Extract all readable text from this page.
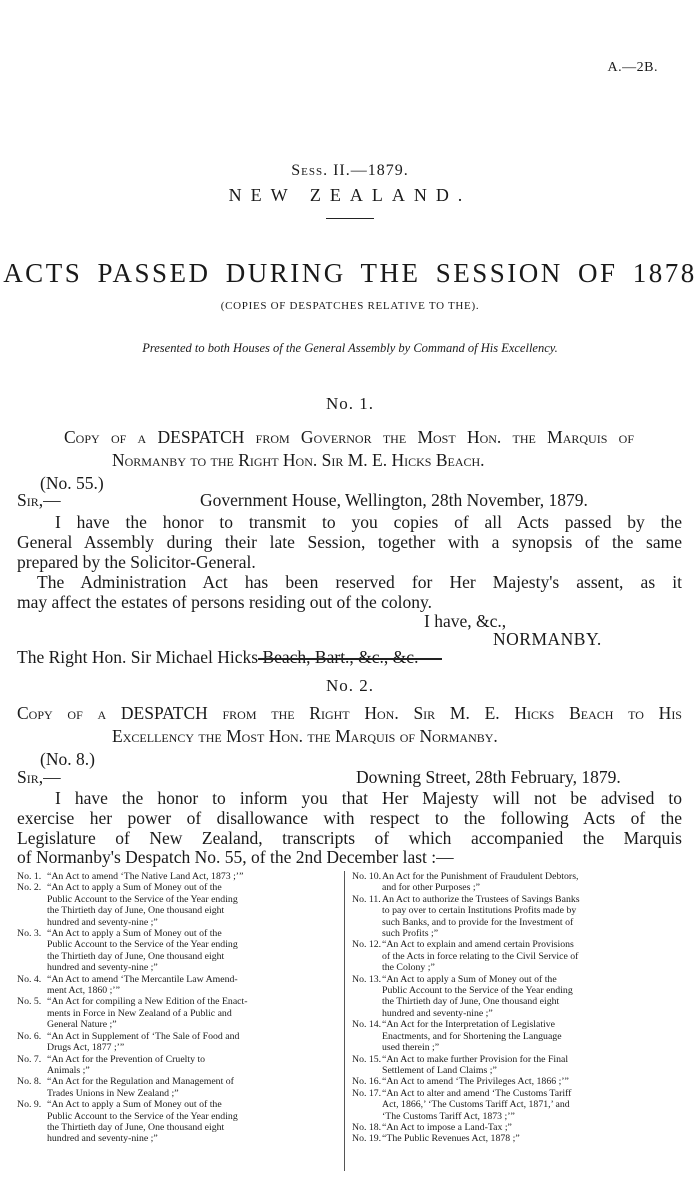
A.—2B.
Sess. II.—1879.
NEW ZEALAND.
ACTS PASSED DURING THE SESSION OF 1878
(COPIES OF DESPATCHES RELATIVE TO THE).
Presented to both Houses of the General Assembly by Command of His Excellency.
No. 1.
Copy of a DESPATCH from Governor the Most Hon. the Marquis of
Normanby to the Right Hon. Sir M. E. Hicks Beach.
(No. 55.)
Sir,—	Government House, Wellington, 28th November, 1879.
I have the honor to transmit to you copies of all Acts passed by the
General Assembly during their late Session, together with a synopsis of the same
prepared by the Solicitor-General.
The Administration Act has been reserved for Her Majesty's assent, as it
may affect the estates of persons residing out of the colony.
I have, &c.,
NORMANBY.
The Right Hon. Sir Michael Hicks Beach, Bart., &c., &c.
No. 2.
Copy of a DESPATCH from the Right Hon. Sir M. E. Hicks Beach to His
Excellency the Most Hon. the Marquis of Normanby.
(No. 8.)
Sir,—	Downing Street, 28th February, 1879.
I have the honor to inform you that Her Majesty will not be advised to
exercise her power of disallowance with respect to the following Acts of the
Legislature of New Zealand, transcripts of which accompanied the Marquis
No. 1. “An Act to amend ‘The Native Land Act, 1873 ;’”
No. 2. “An Act to apply a Sum of Money out of the
Public Account to the Service of the Year ending
the Thirtieth day of June, One thousand eight
hundred and seventy-nine ;”
No. 3. “An Act to apply a Sum of Money out of the
Public Account to the Service of the Year ending
the Thirtieth day of June, One thousand eight
hundred and seventy-nine ;”
No. 4. “An Act to amend ‘The Mercantile Law Amend-
ment Act, 1860 ;’”
No. 5. “An Act for compiling a New Edition of the Enact-
ments in Force in New Zealand of a Public and
General Nature ;”
No. 6. “An Act in Supplement of ‘The Sale of Food and
Drugs Act, 1877 ;’”
No. 7. “An Act for the Prevention of Cruelty to
Animals ;”
No. 8. “An Act for the Regulation and Management of
Trades Unions in New Zealand ;”
No. 9. “An Act to apply a Sum of Money out of the
Public Account to the Service of the Year ending
the Thirtieth day of June, One thousand eight
hundred and seventy-nine ;”
No. 10. An Act for the Punishment of Fraudulent Debtors,
and for other Purposes ;”
No. 11. An Act to authorize the Trustees of Savings Banks
to pay over to certain Institutions Profits made by
such Banks, and to provide for the Investment of
such Profits ;”
No. 12. “An Act to explain and amend certain Provisions
of the Acts in force relating to the Civil Service of
the Colony ;”
No. 13. “An Act to apply a Sum of Money out of the
Public Account to the Service of the Year ending
the Thirtieth day of June, One thousand eight
hundred and seventy-nine ;”
No. 14. “An Act for the Interpretation of Legislative
Enactments, and for Shortening the Language
used therein ;”
No. 15. “An Act to make further Provision for the Final
Settlement of Land Claims ;”
No. 16. “An Act to amend ‘The Privileges Act, 1866 ;’”
No. 17. “An Act to alter and amend ‘The Customs Tariff
Act, 1866,’ ‘The Customs Tariff Act, 1871,’ and
‘The Customs Tariff Act, 1873 ;’”
No. 18. “An Act to impose a Land-Tax ;”
No. 19. “The Public Revenues Act, 1878 ;”
of Normanby's Despatch No. 55, of the 2nd December last :—
